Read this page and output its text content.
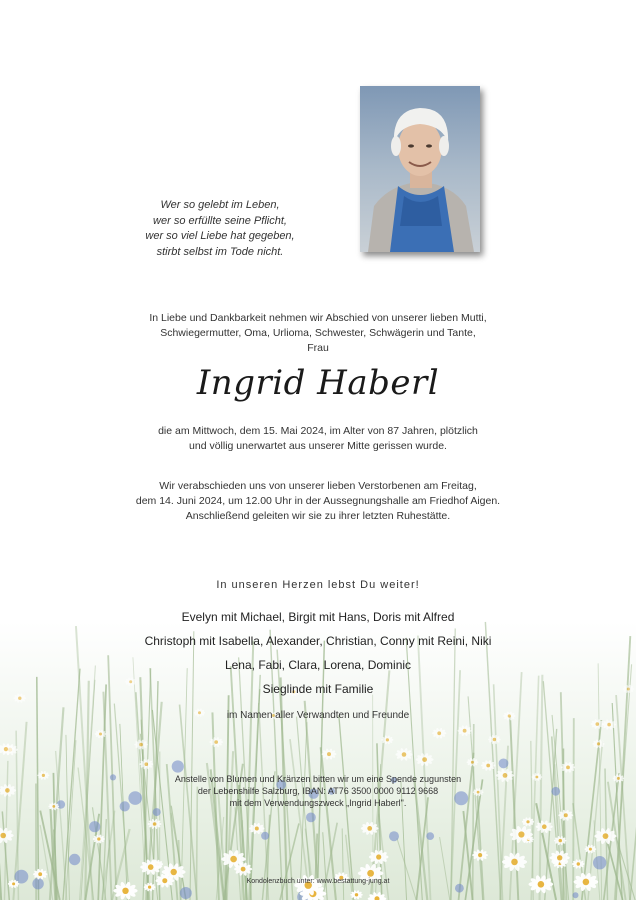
Wer so gelebt im Leben,
wer so erfüllte seine Pflicht,
wer so viel Liebe hat gegeben,
stirbt selbst im Tode nicht.
In Liebe und Dankbarkeit nehmen wir Abschied von unserer lieben Mutti,
Schwiegermutter, Oma, Urlioma, Schwester, Schwägerin und Tante,
Frau
Ingrid Haberl
die am Mittwoch, dem 15. Mai 2024, im Alter von 87 Jahren, plötzlich
und völlig unerwartet aus unserer Mitte gerissen wurde.
Wir verabschieden uns von unserer lieben Verstorbenen am Freitag,
dem 14. Juni 2024, um 12.00 Uhr in der Aussegnungshalle am Friedhof Aigen.
Anschließend geleiten wir sie zu ihrer letzten Ruhestätte.
In unseren Herzen lebst Du weiter!
Evelyn mit Michael, Birgit mit Hans, Doris mit Alfred
Christoph mit Isabella, Alexander, Christian, Conny mit Reini, Niki
Lena, Fabi, Clara, Lorena, Dominic
Sieglinde mit Familie
im Namen aller Verwandten und Freunde
Anstelle von Blumen und Kränzen bitten wir um eine Spende zugunsten
der Lebenshilfe Salzburg, IBAN: AT76 3500 0000 9112 9668
mit dem Verwendungszweck „Ingrid Haberl".
Kondolenzbuch unter: www.bestattung-jung.at
